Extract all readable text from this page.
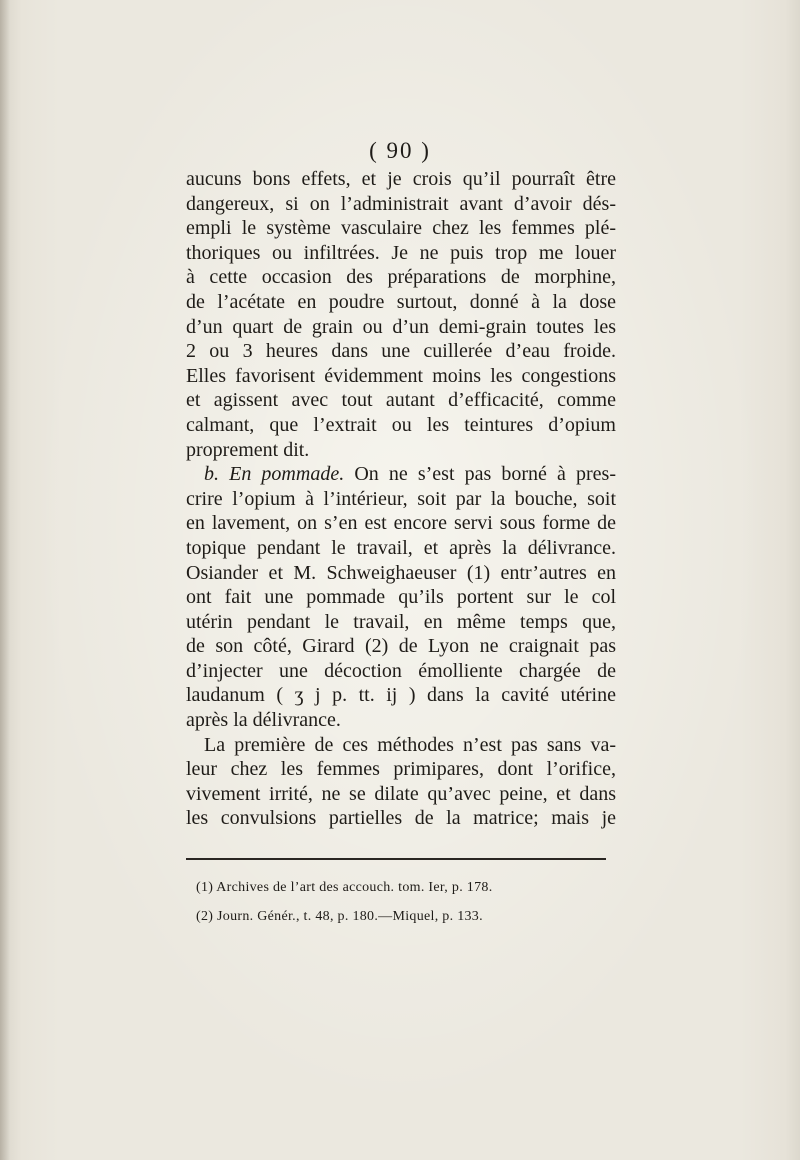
( 90 )
aucuns bons effets, et je crois qu’il pourraît être
dangereux, si on l’administrait avant d’avoir dés-
empli le système vasculaire chez les femmes plé-
thoriques ou infiltrées. Je ne puis trop me louer
à cette occasion des préparations de morphine,
de l’acétate en poudre surtout, donné à la dose
d’un quart de grain ou d’un demi-grain toutes les
2 ou 3 heures dans une cuillerée d’eau froide.
Elles favorisent évidemment moins les congestions
et agissent avec tout autant d’efficacité, comme
calmant, que l’extrait ou les teintures d’opium
proprement dit.
b. En pommade. On ne s’est pas borné à pres-
crire l’opium à l’intérieur, soit par la bouche, soit
en lavement, on s’en est encore servi sous forme de
topique pendant le travail, et après la délivrance.
Osiander et M. Schweighaeuser (1) entr’autres en
ont fait une pommade qu’ils portent sur le col
utérin pendant le travail, en même temps que,
de son côté, Girard (2) de Lyon ne craignait pas
d’injecter une décoction émolliente chargée de
laudanum ( ʒ j p. tt. ij ) dans la cavité utérine
après la délivrance.
La première de ces méthodes n’est pas sans va-
leur chez les femmes primipares, dont l’orifice,
vivement irrité, ne se dilate qu’avec peine, et dans
les convulsions partielles de la matrice; mais je
(1) Archives de l’art des accouch. tom. Ier, p. 178.
(2) Journ. Génér., t. 48, p. 180.—Miquel, p. 133.
